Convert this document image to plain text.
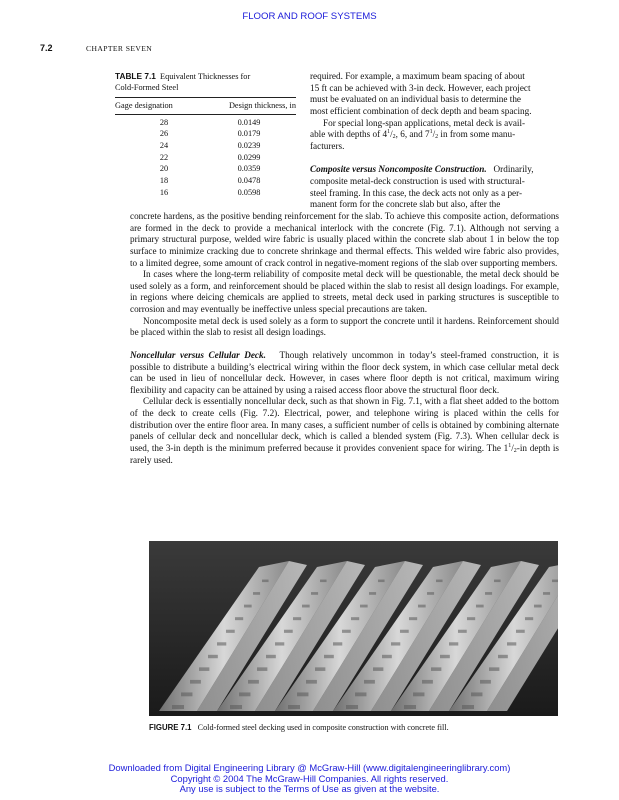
FLOOR AND ROOF SYSTEMS
7.2	CHAPTER SEVEN
TABLE 7.1 Equivalent Thicknesses for
Cold-Formed Steel
Gage designation	Design thickness, in
28	0.0149
26	0.0179
24	0.0239
22	0.0299
20	0.0359
18	0.0478
16	0.0598
required. For example, a maximum beam spacing of about
15 ft can be achieved with 3-in deck. However, each project
must be evaluated on an individual basis to determine the
most efficient combination of deck depth and beam spacing.
For special long-span applications, metal deck is avail-
able with depths of $4^1/_2$, 6, and $7^1/_2$ in from some manu-
facturers.
Composite versus Noncomposite Construction. Ordinarily,
composite metal-deck construction is used with structural-
steel framing. In this case, the deck acts not only as a per-
manent form for the concrete slab but also, after the

concrete hardens, as the positive bending reinforcement for the slab. To achieve this composite action, deformations are formed in the deck to provide a mechanical interlock with the concrete (Fig. 7.1). Although not serving a primary structural purpose, welded wire fabric is usually placed within the concrete slab about 1 in below the top surface to minimize cracking due to concrete shrinkage and thermal effects. This welded wire fabric also provides, to a limited degree, some amount of crack control in negative-moment regions of the slab over supporting members.

In cases where the long-term reliability of composite metal deck will be questionable, the metal deck should be used solely as a form, and reinforcement should be placed within the slab to resist all design loadings. For example, in regions where deicing chemicals are applied to streets, metal deck used in parking structures is susceptible to corrosion and may eventually be ineffective unless special precautions are taken.

Noncomposite metal deck is used solely as a form to support the concrete until it hardens. Reinforcement should be placed within the slab to resist all design loadings.

Noncellular versus Cellular Deck. Though relatively uncommon in today’s steel-framed construction, it is possible to distribute a building’s electrical wiring within the floor deck system, in which case cellular metal deck can be used in lieu of noncellular deck. However, in cases where floor depth is not critical, maximum wiring flexibility and capacity can be attained by using a raised access floor above the structural floor deck.

Cellular deck is essentially noncellular deck, such as that shown in Fig. 7.1, with a flat sheet added to the bottom of the deck to create cells (Fig. 7.2). Electrical, power, and telephone wiring is placed within the cells for distribution over the entire floor area. In many cases, a sufficient number of cells is obtained by combining alternate panels of cellular deck and noncellular deck, which is called a blended system (Fig. 7.3). When cellular deck is used, the 3-in depth is the minimum preferred because it provides convenient space for wiring. The $1^1/_2-in$ depth is rarely used.

FIGURE 7.1 Cold-formed steel decking used in composite construction with concrete fill.
Downloaded from Digital Engineering Library @ McGraw-Hill (www.digitalengineeringlibrary.com)
Copyright © 2004 The McGraw-Hill Companies. All rights reserved.
Any use is subject to the Terms of Use as given at the website.
